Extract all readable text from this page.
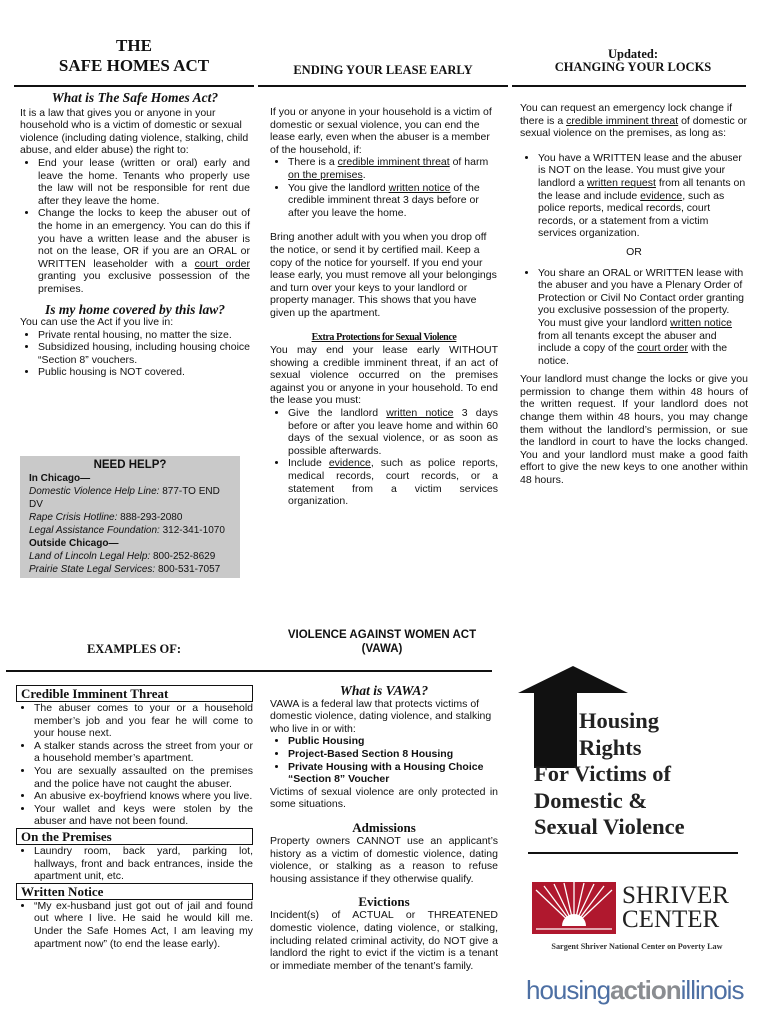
THE
SAFE HOMES ACT
What is The Safe Homes Act?

It is a law that gives you or anyone in your household who is a victim of domestic or sexual violence (including dating violence, stalking, child abuse, and elder abuse) the right to:

• End your lease (written or oral) early and leave the home. Tenants who properly use the law will not be responsible for rent due after they leave the home.
• Change the locks to keep the abuser out of the home in an emergency. You can do this if you have a written lease and the abuser is not on the lease, OR if you are an ORAL or WRITTEN leaseholder with a court order granting you exclusive possession of the premises.
Is my home covered by this law?

You can use the Act if you live in:

• Private rental housing, no matter the size.
• Subsidized housing, including housing choice “Section 8” vouchers.
• Public housing is NOT covered.
NEED HELP?
In Chicago—
Domestic Violence Help Line: 877-TO END DV
Rape Crisis Hotline: 888-293-2080
Legal Assistance Foundation: 312-341-1070
Outside Chicago—
Land of Lincoln Legal Help: 800-252-8629
Prairie State Legal Services: 800-531-7057
ENDING YOUR LEASE EARLY

If you or anyone in your household is a victim of domestic or sexual violence, you can end the lease early, even when the abuser is a member of the household, if:

• There is a credible imminent threat of harm on the premises.
• You give the landlord written notice of the credible imminent threat 3 days before or after you leave the home.

Bring another adult with you when you drop off the notice, or send it by certified mail. Keep a copy of the notice for yourself. If you end your lease early, you must remove all your belongings and turn over your keys to your landlord or property manager. This shows that you have given up the apartment.

Extra Protections for Sexual Violence

You may end your lease early WITHOUT showing a credible imminent threat, if an act of sexual violence occurred on the premises against you or anyone in your household. To end the lease you must:

• Give the landlord written notice 3 days before or after you leave home and within 60 days of the sexual violence, or as soon as possible afterwards.
• Include evidence, such as police reports, medical records, court records, or a statement from a victim services organization.
Updated:
CHANGING YOUR LOCKS

You can request an emergency lock change if there is a credible imminent threat of domestic or sexual violence on the premises, as long as:

• You have a WRITTEN lease and the abuser is NOT on the lease. You must give your landlord a written request from all tenants on the lease and include evidence, such as police reports, medical records, court records, or a statement from a victim services organization.
OR
• You share an ORAL or WRITTEN lease with the abuser and you have a Plenary Order of Protection or Civil No Contact order granting you exclusive possession of the property. You must give your landlord written notice from all tenants except the abuser and include a copy of the court order with the notice.

Your landlord must change the locks or give you permission to change them within 48 hours of the written request. If your landlord does not change them within 48 hours, you may change them without the landlord’s permission, or sue the landlord in court to have the locks changed. You and your landlord must make a good faith effort to give the new keys to one another within 48 hours.

EXAMPLES OF:
Credible Imminent Threat
• The abuser comes to your or a household member’s job and you fear he will come to your house next.
• A stalker stands across the street from your or a household member’s apartment.
• You are sexually assaulted on the premises and the police have not caught the abuser.
• An abusive ex-boyfriend knows where you live.
• Your wallet and keys were stolen by the abuser and have not been found.
On the Premises
• Laundry room, back yard, parking lot, hallways, front and back entrances, inside the apartment unit, etc.
Written Notice
• “My ex-husband just got out of jail and found out where I live. He said he would kill me. Under the Safe Homes Act, I am leaving my apartment now” (to end the lease early).
VIOLENCE AGAINST WOMEN ACT
(VAWA)
What is VAWA?

VAWA is a federal law that protects victims of domestic violence, dating violence, and stalking who live in or with:

• Public Housing
• Project-Based Section 8 Housing
• Private Housing with a Housing Choice “Section 8” Voucher

Victims of sexual violence are only protected in some situations.

Admissions

Property owners CANNOT use an applicant’s history as a victim of domestic violence, dating violence, or stalking as a reason to refuse housing assistance if they otherwise qualify.

Evictions

Incident(s) of ACTUAL or THREATENED domestic violence, dating violence, or stalking, including related criminal activity, do NOT give a landlord the right to evict if the victim is a tenant or immediate member of the tenant’s family.

Housing
Rights
For Victims of
Domestic &
Sexual Violence
SHRIVER
CENTER
Sargent Shriver National Center on Poverty Law
housingactionillinois
